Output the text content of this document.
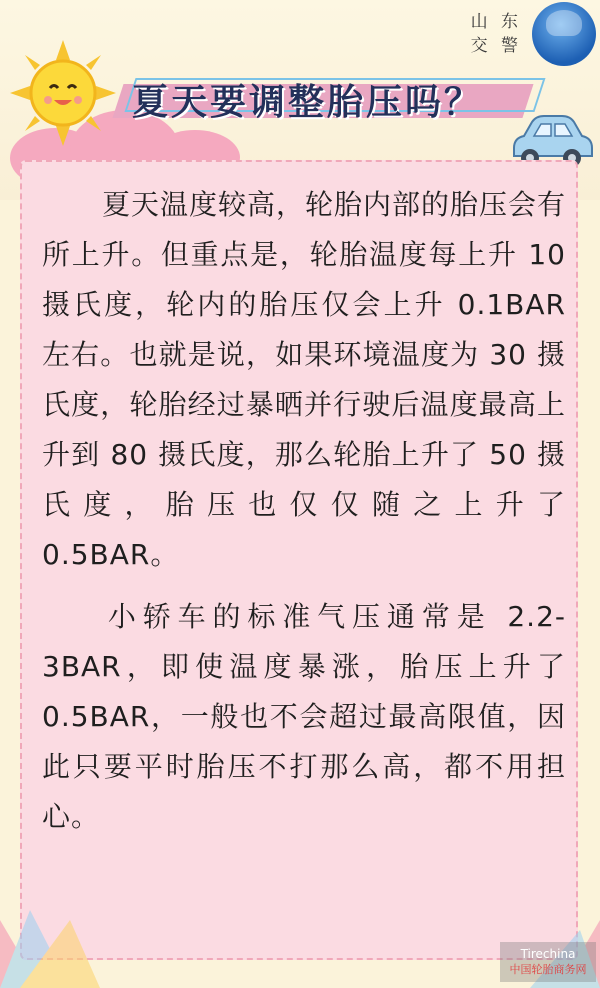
夏天要调整胎压吗？
山 东
交 警

夏天温度较高，轮胎内部的胎压会有所上升。但重点是，轮胎温度每上升 10 摄氏度，轮内的胎压仅会上升 0.1BAR 左右。也就是说，如果环境温度为 30 摄氏度，轮胎经过暴晒并行驶后温度最高上升到 80 摄氏度，那么轮胎上升了 50 摄氏度，胎压也仅仅随之上升了 0.5BAR。

小轿车的标准气压通常是 2.2-3BAR，即使温度暴涨，胎压上升了 0.5BAR，一般也不会超过最高限值，因此只要平时胎压不打那么高，都不用担心。

Tirechina
中国轮胎商务网
